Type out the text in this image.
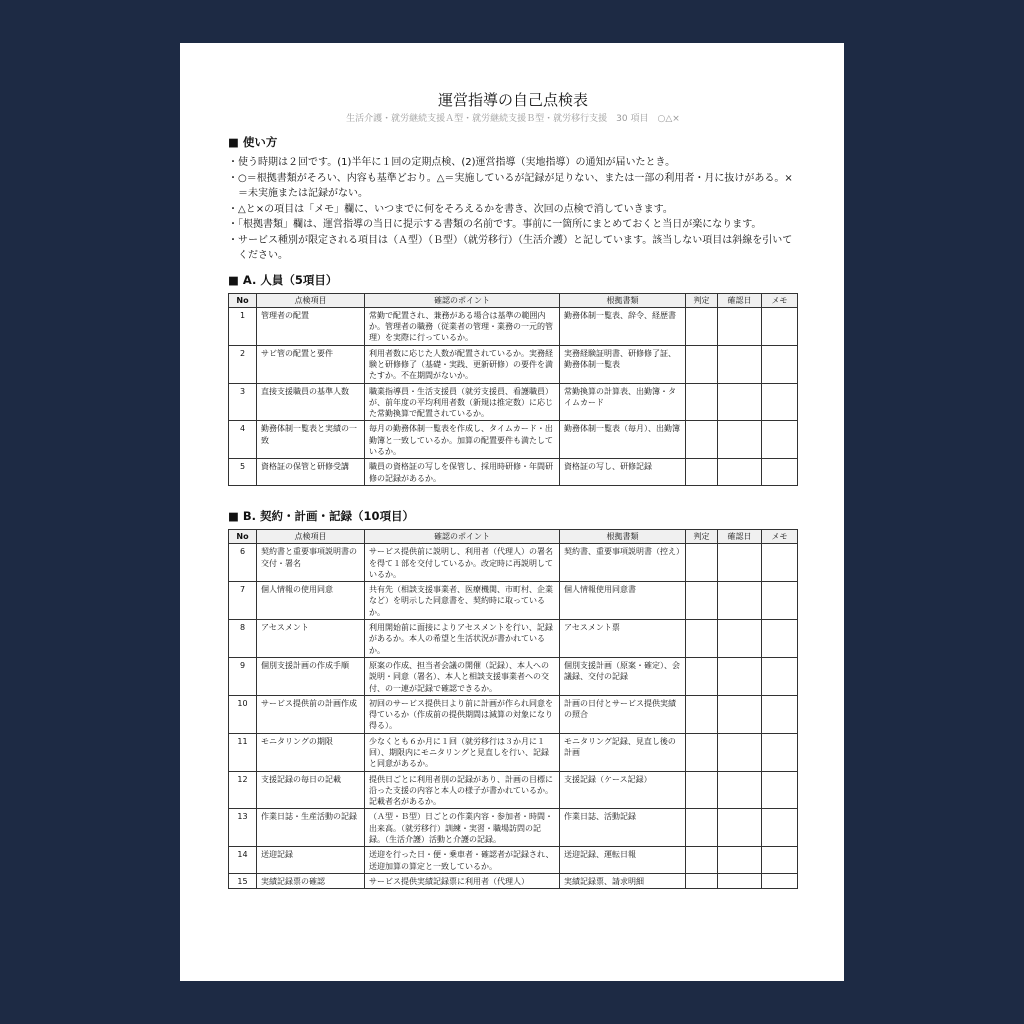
運営指導の自己点検表
生活介護・就労継続支援Ａ型・就労継続支援Ｂ型・就労移行支援　30 項目　○△×
■ 使い方
・使う時期は２回です。(1)半年に１回の定期点検、(2)運営指導（実地指導）の通知が届いたとき。
・○＝根拠書類がそろい、内容も基準どおり。△＝実施しているが記録が足りない、または一部の利用者・月に抜けがある。×＝未実施または記録がない。
・△と×の項目は「メモ」欄に、いつまでに何をそろえるかを書き、次回の点検で消していきます。
・「根拠書類」欄は、運営指導の当日に提示する書類の名前です。事前に一箇所にまとめておくと当日が楽になります。
・サービス種別が限定される項目は（Ａ型）（Ｂ型）（就労移行）（生活介護）と記しています。該当しない項目は斜線を引いてください。
■ A. 人員（5項目）
No	点検項目	確認のポイント	根拠書類	判定	確認日	メモ
1	管理者の配置	常勤で配置され、兼務がある場合は基準の範囲内か。管理者の職務（従業者の管理・業務の一元的管理）を実際に行っているか。	勤務体制一覧表、辞令、経歴書			
2	サビ管の配置と要件	利用者数に応じた人数が配置されているか。実務経験と研修修了（基礎・実践、更新研修）の要件を満たすか。不在期間がないか。	実務経験証明書、研修修了証、勤務体制一覧表			
3	直接支援職員の基準人数	職業指導員・生活支援員（就労支援員、看護職員）が、前年度の平均利用者数（新規は推定数）に応じた常勤換算で配置されているか。	常勤換算の計算表、出勤簿・タイムカード			
4	勤務体制一覧表と実績の一致	毎月の勤務体制一覧表を作成し、タイムカード・出勤簿と一致しているか。加算の配置要件も満たしているか。	勤務体制一覧表（毎月）、出勤簿			
5	資格証の保管と研修受講	職員の資格証の写しを保管し、採用時研修・年間研修の記録があるか。	資格証の写し、研修記録			
■ B. 契約・計画・記録（10項目）
No	点検項目	確認のポイント	根拠書類	判定	確認日	メモ
6	契約書と重要事項説明書の交付・署名	サービス提供前に説明し、利用者（代理人）の署名を得て１部を交付しているか。改定時に再説明しているか。	契約書、重要事項説明書（控え）			
7	個人情報の使用同意	共有先（相談支援事業者、医療機関、市町村、企業など）を明示した同意書を、契約時に取っているか。	個人情報使用同意書			
8	アセスメント	利用開始前に面接によりアセスメントを行い、記録があるか。本人の希望と生活状況が書かれているか。	アセスメント票			
9	個別支援計画の作成手順	原案の作成、担当者会議の開催（記録）、本人への説明・同意（署名）、本人と相談支援事業者への交付、の一連が記録で確認できるか。	個別支援計画（原案・確定）、会議録、交付の記録			
10	サービス提供前の計画作成	初回のサービス提供日より前に計画が作られ同意を得ているか（作成前の提供期間は減算の対象になり得る）。	計画の日付とサービス提供実績の照合			
11	モニタリングの期限	少なくとも６か月に１回（就労移行は３か月に１回）、期限内にモニタリングと見直しを行い、記録と同意があるか。	モニタリング記録、見直し後の計画			
12	支援記録の毎日の記載	提供日ごとに利用者別の記録があり、計画の目標に沿った支援の内容と本人の様子が書かれているか。記載者名があるか。	支援記録（ケース記録）			
13	作業日誌・生産活動の記録	（Ａ型・Ｂ型）日ごとの作業内容・参加者・時間・出来高。（就労移行）訓練・実習・職場訪問の記録。（生活介護）活動と介護の記録。	作業日誌、活動記録			
14	送迎記録	送迎を行った日・便・乗車者・確認者が記録され、送迎加算の算定と一致しているか。	送迎記録、運転日報			
15	実績記録票の確認	サービス提供実績記録票に利用者（代理人）	実績記録票、請求明細			
